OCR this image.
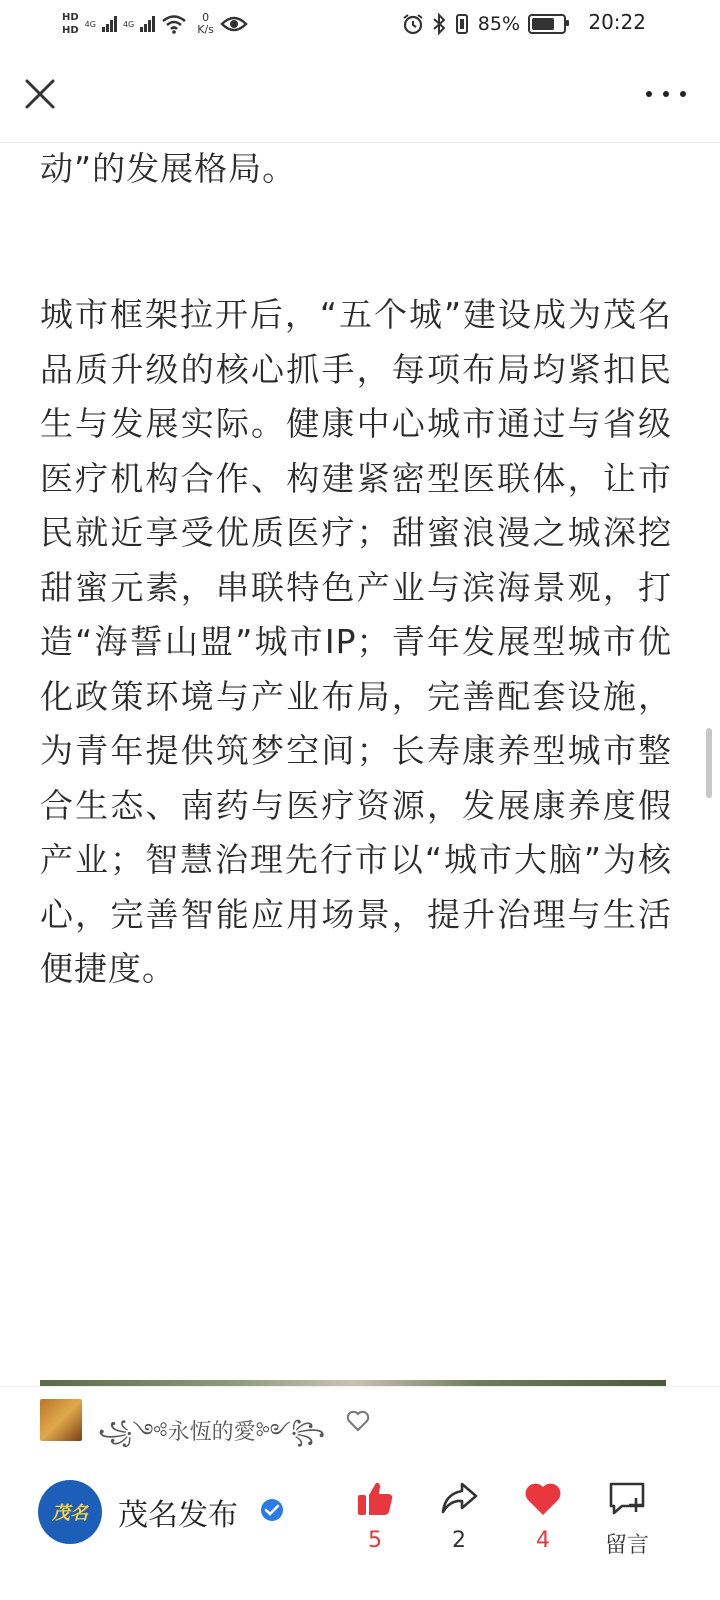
HD
HD
4G	4G	0
K/s	85%	20:22

动”的发展格局。

城市框架拉开后，“五个城”建设成为茂名品质升级的核心抓手，每项布局均紧扣民生与发展实际。健康中心城市通过与省级医疗机构合作、构建紧密型医联体，让市民就近享受优质医疗；甜蜜浪漫之城深挖甜蜜元素，串联特色产业与滨海景观，打造“海誓山盟”城市IP；青年发展型城市优化政策环境与产业布局，完善配套设施，为青年提供筑梦空间；长寿康养型城市整合生态、南药与医疗资源，发展康养度假产业；智慧治理先行市以“城市大脑”为核心，完善智能应用场景，提升治理与生活便捷度。

꧁༺永恆的愛༻꧂
茂名 茂名发布
5	2	4	留言
